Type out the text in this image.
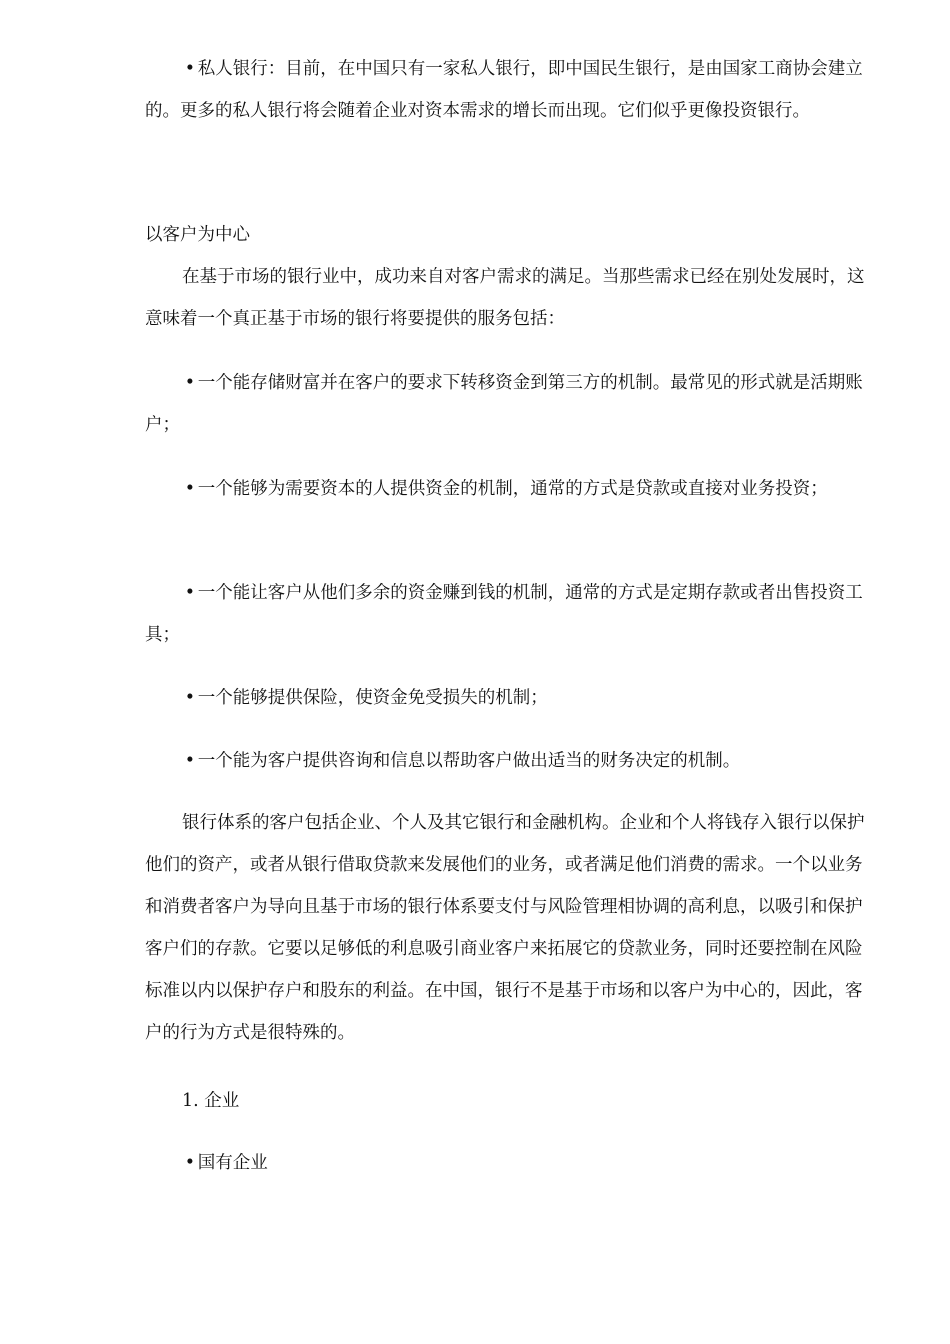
• 私人银行：目前，在中国只有一家私人银行，即中国民生银行，是由国家工商协会建立的。更多的私人银行将会随着企业对资本需求的增长而出现。它们似乎更像投资银行。

以客户为中心

在基于市场的银行业中，成功来自对客户需求的满足。当那些需求已经在别处发展时，这意味着一个真正基于市场的银行将要提供的服务包括：

• 一个能存储财富并在客户的要求下转移资金到第三方的机制。最常见的形式就是活期账户；

• 一个能够为需要资本的人提供资金的机制，通常的方式是贷款或直接对业务投资；

• 一个能让客户从他们多余的资金赚到钱的机制，通常的方式是定期存款或者出售投资工具；

• 一个能够提供保险，使资金免受损失的机制；

• 一个能为客户提供咨询和信息以帮助客户做出适当的财务决定的机制。

银行体系的客户包括企业、个人及其它银行和金融机构。企业和个人将钱存入银行以保护他们的资产，或者从银行借取贷款来发展他们的业务，或者满足他们消费的需求。一个以业务和消费者客户为导向且基于市场的银行体系要支付与风险管理相协调的高利息，以吸引和保护客户们的存款。它要以足够低的利息吸引商业客户来拓展它的贷款业务，同时还要控制在风险标准以内以保护存户和股东的利益。在中国，银行不是基于市场和以客户为中心的，因此，客户的行为方式是很特殊的。

1. 企业

• 国有企业
